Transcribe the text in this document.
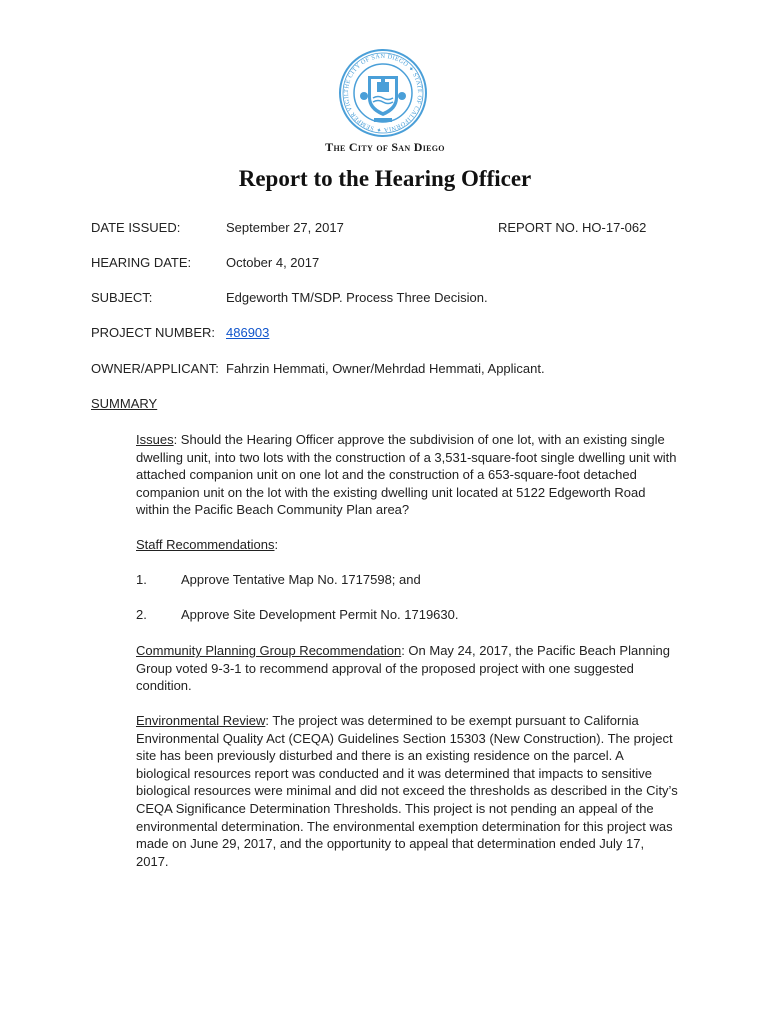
THE CITY OF SAN DIEGO ✦ STATE OF CALIFORNIA ✦ SEMPER VIGIL
The City of San Diego
Report to the Hearing Officer
DATE ISSUED:	September 27, 2017	REPORT NO. HO-17-062
HEARING DATE:	October 4, 2017
SUBJECT:	Edgeworth TM/SDP. Process Three Decision.
PROJECT NUMBER: 486903
OWNER/APPLICANT: Fahrzin Hemmati, Owner/Mehrdad Hemmati, Applicant.
SUMMARY
Issues: Should the Hearing Officer approve the subdivision of one lot, with an existing single dwelling unit, into two lots with the construction of a 3,531-square-foot single dwelling unit with attached companion unit on one lot and the construction of a 653-square-foot detached companion unit on the lot with the existing dwelling unit located at 5122 Edgeworth Road within the Pacific Beach Community Plan area?
Staff Recommendations:
1.	Approve Tentative Map No. 1717598; and
2.	Approve Site Development Permit No. 1719630.
Community Planning Group Recommendation: On May 24, 2017, the Pacific Beach Planning Group voted 9-3-1 to recommend approval of the proposed project with one suggested condition.
Environmental Review: The project was determined to be exempt pursuant to California Environmental Quality Act (CEQA) Guidelines Section 15303 (New Construction). The project site has been previously disturbed and there is an existing residence on the parcel. A biological resources report was conducted and it was determined that impacts to sensitive biological resources were minimal and did not exceed the thresholds as described in the City’s CEQA Significance Determination Thresholds. This project is not pending an appeal of the environmental determination. The environmental exemption determination for this project was made on June 29, 2017, and the opportunity to appeal that determination ended July 17, 2017.
